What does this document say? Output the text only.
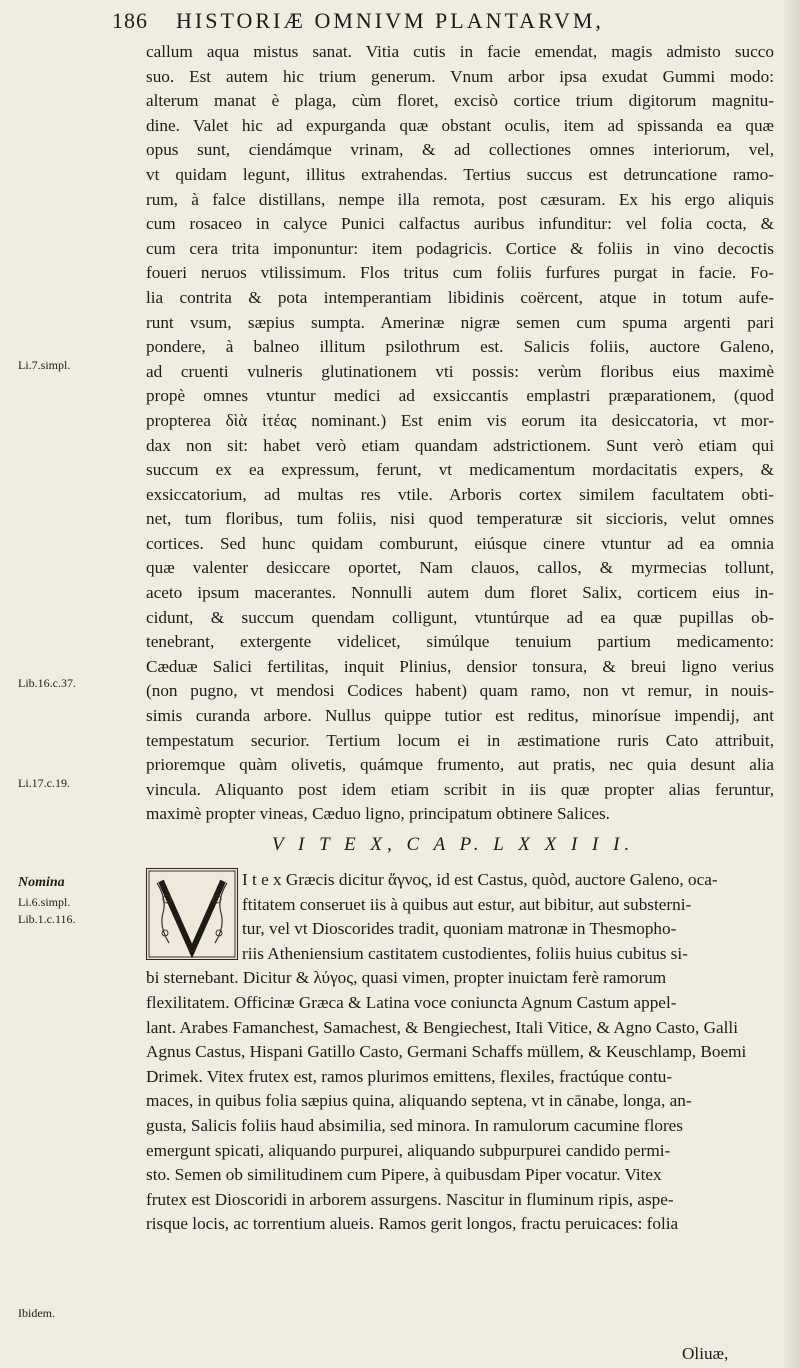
186 HISTORIÆ OMNIVM PLANTARVM,
callum aqua mistus sanat. Vitia cutis in facie emendat, magis admisto succo
suo. Est autem hic trium generum. Vnum arbor ipsa exudat Gummi modo:
alterum manat è plaga, cùm floret, excisò cortice trium digitorum magnitu-
dine. Valet hic ad expurganda quæ obstant oculis, item ad spissanda ea quæ
opus sunt, ciendámque vrinam, & ad collectiones omnes interiorum, vel,
vt quidam legunt, illitus extrahendas. Tertius succus est detruncatione ramo-
rum, à falce distillans, nempe illa remota, post cæsuram. Ex his ergo aliquis
cum rosaceo in calyce Punici calfactus auribus infunditur: vel folia cocta, &
cum cera trita imponuntur: item podagricis. Cortice & foliis in vino decoctis
foueri neruos vtilissimum. Flos tritus cum foliis furfures purgat in facie. Fo-
lia contrita & pota intemperantiam libidinis coërcent, atque in totum aufe-
runt vsum, sæpius sumpta. Amerinæ nigræ semen cum spuma argenti pari
pondere, à balneo illitum psilothrum est. Salicis foliis, auctore Galeno,
ad cruenti vulneris glutinationem vti possis: verùm floribus eius maximè
propè omnes vtuntur medici ad exsiccantis emplastri præparationem, (quod
propterea δὶὰ ἰτέας nominant.) Est enim vis eorum ita desiccatoria, vt mor-
dax non sit: habet verò etiam quandam adstrictionem. Sunt verò etiam qui
succum ex ea expressum, ferunt, vt medicamentum mordacitatis expers, &
exsiccatorium, ad multas res vtile. Arboris cortex similem facultatem obti-
net, tum floribus, tum foliis, nisi quod temperaturæ sit siccioris, velut omnes
cortices. Sed hunc quidam comburunt, eiúsque cinere vtuntur ad ea omnia
quæ valenter desiccare oportet, Nam clauos, callos, & myrmecias tollunt,
aceto ipsum macerantes. Nonnulli autem dum floret Salix, corticem eius in-
cidunt, & succum quendam colligunt, vtuntúrque ad ea quæ pupillas ob-
tenebrant, extergente videlicet, simúlque tenuium partium medicamento:
Cæduæ Salici fertilitas, inquit Plinius, densior tonsura, & breui ligno verius
(non pugno, vt mendosi Codices habent) quam ramo, non vt remur, in nouis-
simis curanda arbore. Nullus quippe tutior est reditus, minorísue impendij, ant
tempestatum securior. Tertium locum ei in æstimatione ruris Cato attribuit,
prioremque quàm olivetis, quámque frumento, aut pratis, nec quia desunt alia
vincula. Aliquanto post idem etiam scribit in iis quæ propter alias feruntur,
maximè propter vineas, Cæduo ligno, principatum obtinere Salices.
V I T E X, C A P. L X X I I I.
I t e x Græcis dicitur ἄγνος, id est Castus, quòd, auctore Galeno, oca-
ftitatem conseruet iis à quibus aut estur, aut bibitur, aut substerni-
tur, vel vt Dioscorides tradit, quoniam matronæ in Thesmopho-
riis Atheniensium castitatem custodientes, foliis huius cubitus si-
bi sternebant. Dicitur & λύγος, quasi vimen, propter inuictam ferè ramorum
flexilitatem. Officinæ Græca & Latina voce coniuncta Agnum Castum appel-
lant. Arabes Famanchest, Samachest, & Bengiechest, Itali Vitice, & Agno Casto, Galli
Agnus Castus, Hispani Gatillo Casto, Germani Schaffs müllem, & Keuschlamp, Boemi
Drimek. Vitex frutex est, ramos plurimos emittens, flexiles, fractúque contu-
maces, in quibus folia sæpius quina, aliquando septena, vt in cānabe, longa, an-
gusta, Salicis foliis haud absimilia, sed minora. In ramulorum cacumine flores
emergunt spicati, aliquando purpurei, aliquando subpurpurei candido permi-
sto. Semen ob similitudinem cum Pipere, à quibusdam Piper vocatur. Vitex
frutex est Dioscoridi in arborem assurgens. Nascitur in fluminum ripis, aspe-
risque locis, ac torrentium alueis. Ramos gerit longos, fractu peruicaces: folia
Oliuæ,
Li.7.simpl.
Lib.16.c.37.
Li.17.c.19.
Nomina
Li.6.simpl.
Lib.1.c.116.
Ibidem.
